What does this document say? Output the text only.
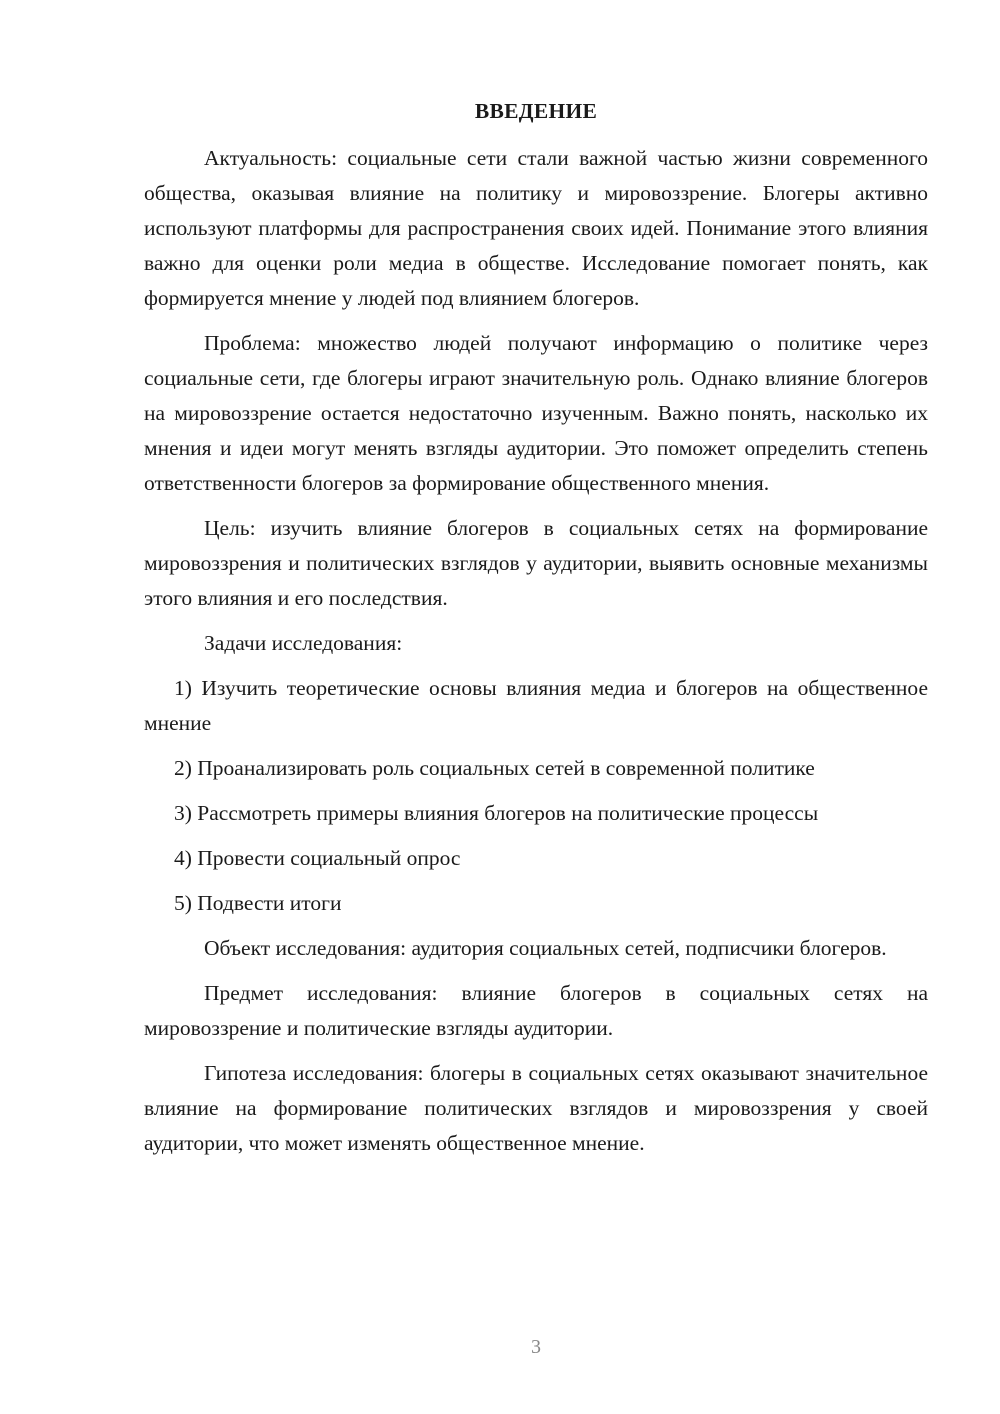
ВВЕДЕНИЕ

Актуальность: социальные сети стали важной частью жизни современного общества, оказывая влияние на политику и мировоззрение. Блогеры активно используют платформы для распространения своих идей. Понимание этого влияния важно для оценки роли медиа в обществе. Исследование помогает понять, как формируется мнение у людей под влиянием блогеров.

Проблема: множество людей получают информацию о политике через социальные сети, где блогеры играют значительную роль. Однако влияние блогеров на мировоззрение остается недостаточно изученным. Важно понять, насколько их мнения и идеи могут менять взгляды аудитории. Это поможет определить степень ответственности блогеров за формирование общественного мнения.

Цель: изучить влияние блогеров в социальных сетях на формирование мировоззрения и политических взглядов у аудитории, выявить основные механизмы этого влияния и его последствия.

Задачи исследования:

1) Изучить теоретические основы влияния медиа и блогеров на общественное мнение
2) Проанализировать роль социальных сетей в современной политике
3) Рассмотреть примеры влияния блогеров на политические процессы
4) Провести социальный опрос
5) Подвести итоги

Объект исследования: аудитория социальных сетей, подписчики блогеров.

Предмет исследования: влияние блогеров в социальных сетях на мировоззрение и политические взгляды аудитории.

Гипотеза исследования: блогеры в социальных сетях оказывают значительное влияние на формирование политических взглядов и мировоззрения у своей аудитории, что может изменять общественное мнение.

3
